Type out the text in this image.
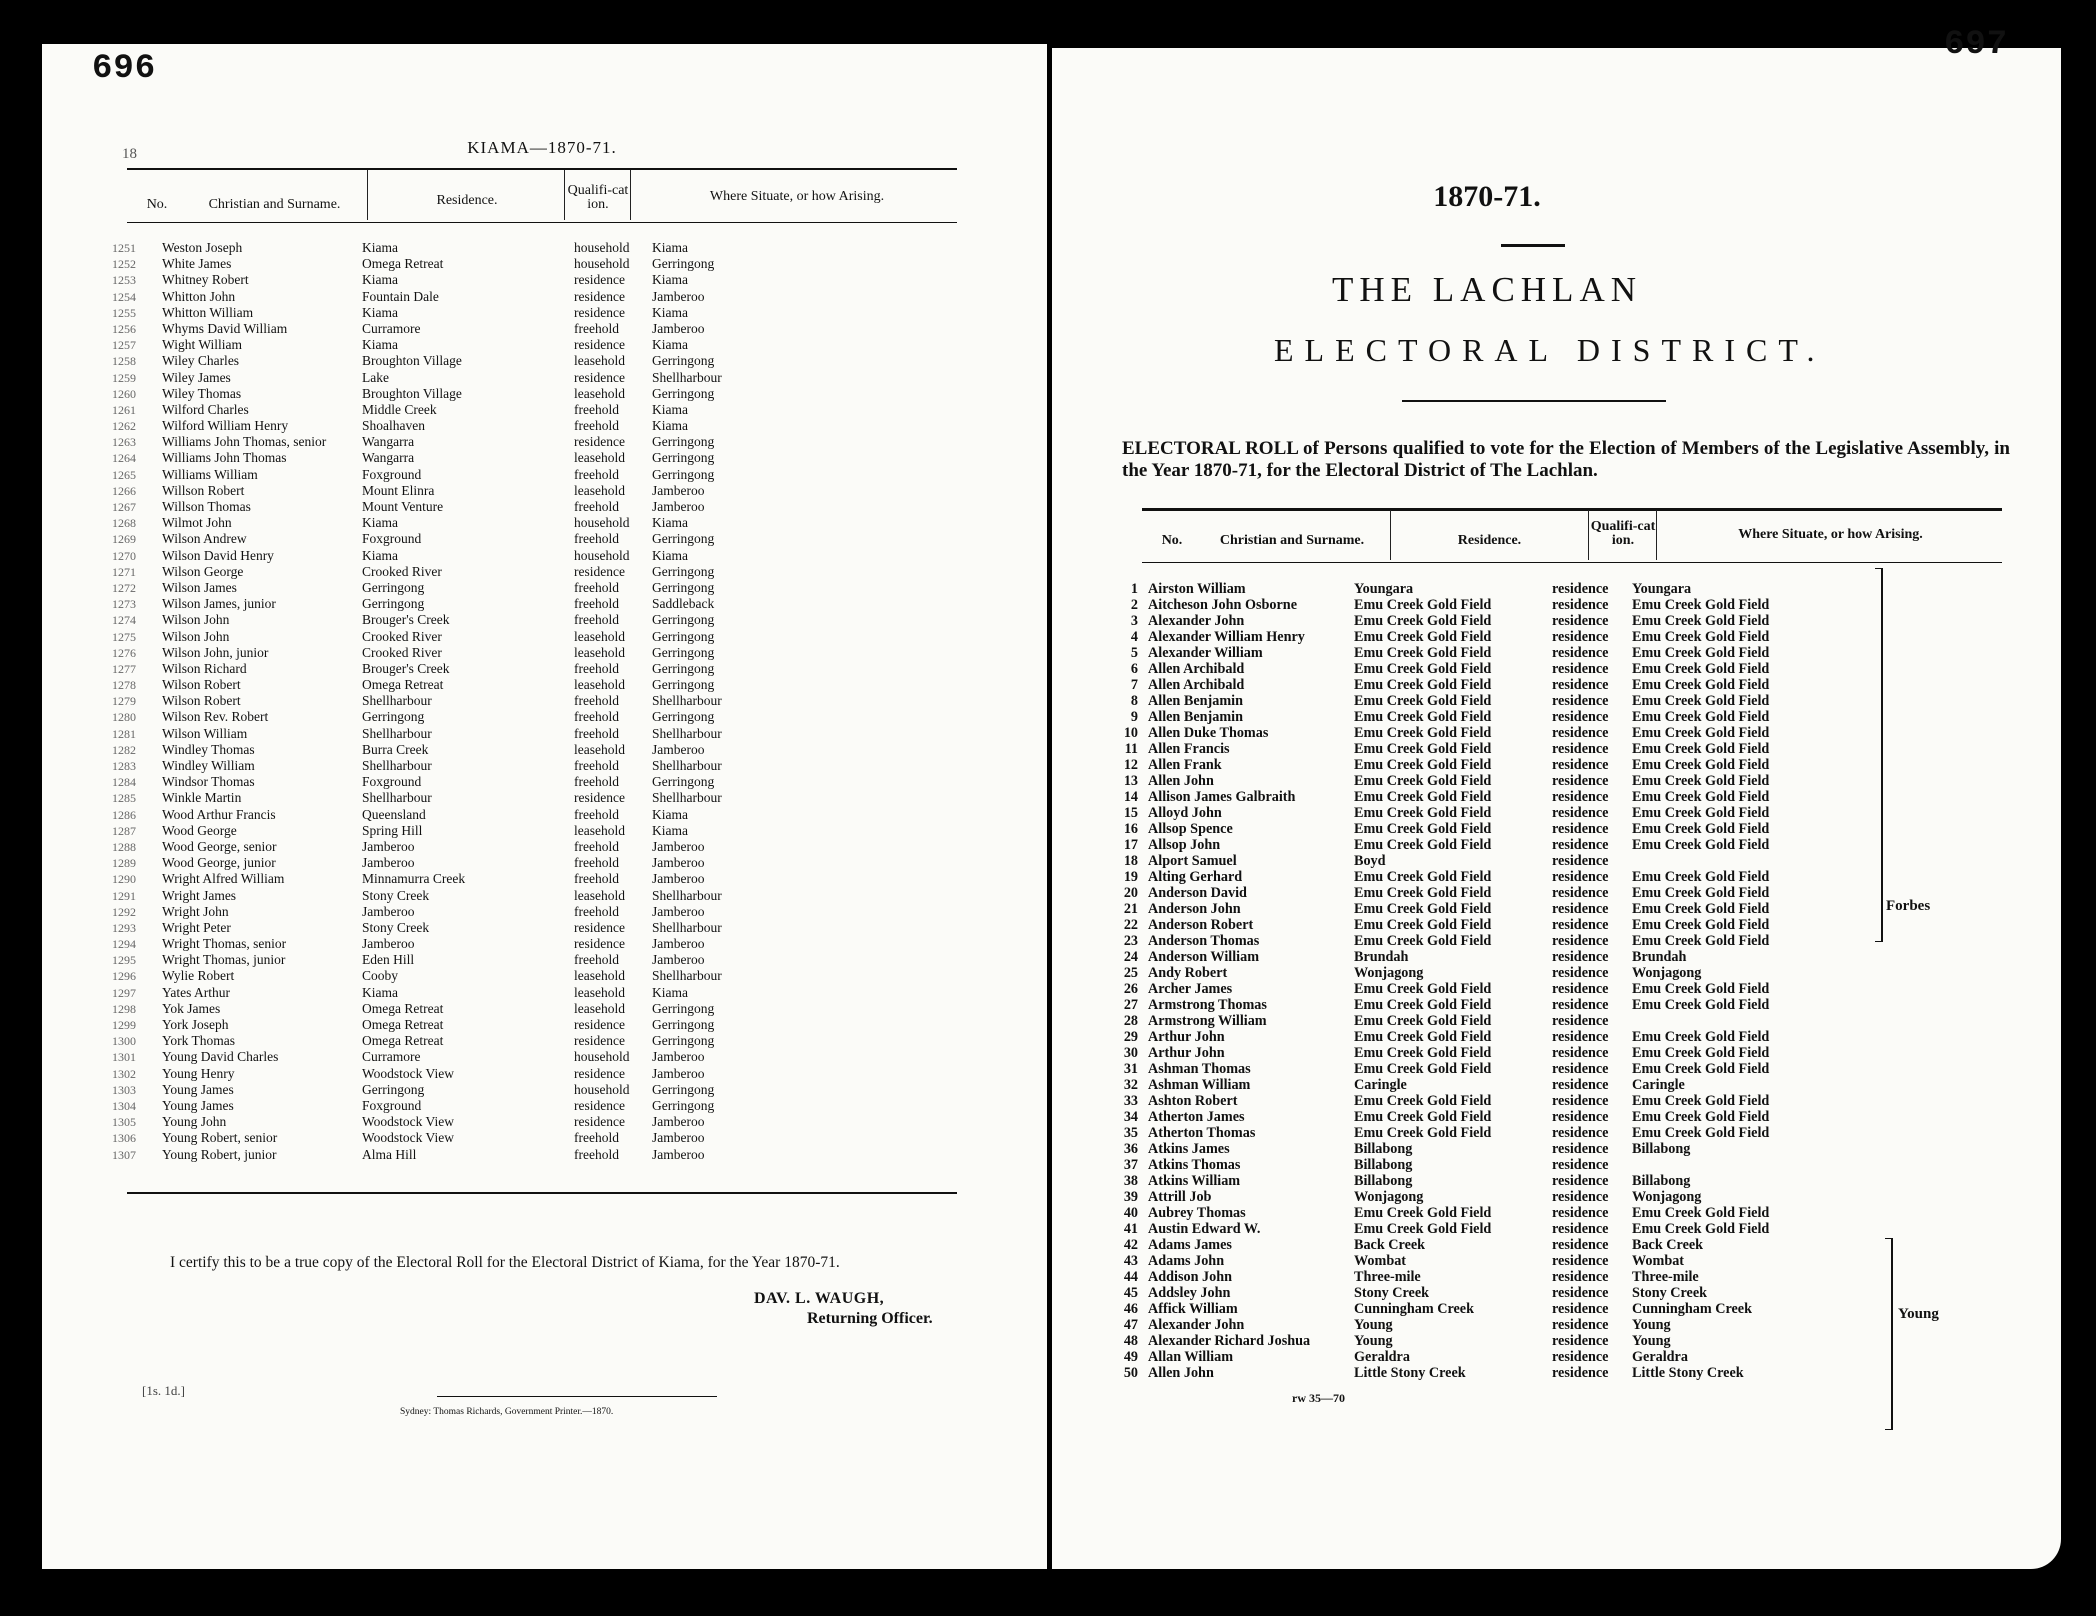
696
18	KIAMA—1870-71.
No.	Christian and Surname.	Residence.
Qualifi-cation.
Where Situate, or how Arising.
1251	Weston Joseph	Kiama	household	Kiama
1252	White James	Omega Retreat	household	Gerringong
1253	Whitney Robert	Kiama	residence	Kiama
1254	Whitton John	Fountain Dale	residence	Jamberoo
1255	Whitton William	Kiama	residence	Kiama
1256	Whyms David William	Curramore	freehold	Jamberoo
1257	Wight William	Kiama	residence	Kiama
1258	Wiley Charles	Broughton Village	leasehold	Gerringong
1259	Wiley James	Lake	residence	Shellharbour
1260	Wiley Thomas	Broughton Village	leasehold	Gerringong
1261	Wilford Charles	Middle Creek	freehold	Kiama
1262	Wilford William Henry	Shoalhaven	freehold	Kiama
1263	Williams John Thomas, senior	Wangarra	residence	Gerringong
1264	Williams John Thomas	Wangarra	leasehold	Gerringong
1265	Williams William	Foxground	freehold	Gerringong
1266	Willson Robert	Mount Elinra	leasehold	Jamberoo
1267	Willson Thomas	Mount Venture	freehold	Jamberoo
1268	Wilmot John	Kiama	household	Kiama
1269	Wilson Andrew	Foxground	freehold	Gerringong
1270	Wilson David Henry	Kiama	household	Kiama
1271	Wilson George	Crooked River	residence	Gerringong
1272	Wilson James	Gerringong	freehold	Gerringong
1273	Wilson James, junior	Gerringong	freehold	Saddleback
1274	Wilson John	Brouger's Creek	freehold	Gerringong
1275	Wilson John	Crooked River	leasehold	Gerringong
1276	Wilson John, junior	Crooked River	leasehold	Gerringong
1277	Wilson Richard	Brouger's Creek	freehold	Gerringong
1278	Wilson Robert	Omega Retreat	leasehold	Gerringong
1279	Wilson Robert	Shellharbour	freehold	Shellharbour
1280	Wilson Rev. Robert	Gerringong	freehold	Gerringong
1281	Wilson William	Shellharbour	freehold	Shellharbour
1282	Windley Thomas	Burra Creek	leasehold	Jamberoo
1283	Windley William	Shellharbour	freehold	Shellharbour
1284	Windsor Thomas	Foxground	freehold	Gerringong
1285	Winkle Martin	Shellharbour	residence	Shellharbour
1286	Wood Arthur Francis	Queensland	freehold	Kiama
1287	Wood George	Spring Hill	leasehold	Kiama
1288	Wood George, senior	Jamberoo	freehold	Jamberoo
1289	Wood George, junior	Jamberoo	freehold	Jamberoo
1290	Wright Alfred William	Minnamurra Creek	freehold	Jamberoo
1291	Wright James	Stony Creek	leasehold	Shellharbour
1292	Wright John	Jamberoo	freehold	Jamberoo
1293	Wright Peter	Stony Creek	residence	Shellharbour
1294	Wright Thomas, senior	Jamberoo	residence	Jamberoo
1295	Wright Thomas, junior	Eden Hill	freehold	Jamberoo
1296	Wylie Robert	Cooby	leasehold	Shellharbour
1297	Yates Arthur	Kiama	leasehold	Kiama
1298	Yok James	Omega Retreat	leasehold	Gerringong
1299	York Joseph	Omega Retreat	residence	Gerringong
1300	York Thomas	Omega Retreat	residence	Gerringong
1301	Young David Charles	Curramore	household	Jamberoo
1302	Young Henry	Woodstock View	residence	Jamberoo
1303	Young James	Gerringong	household	Gerringong
1304	Young James	Foxground	residence	Gerringong
1305	Young John	Woodstock View	residence	Jamberoo
1306	Young Robert, senior	Woodstock View	freehold	Jamberoo
1307	Young Robert, junior	Alma Hill	freehold	Jamberoo
I certify this to be a true copy of the Electoral Roll for the Electoral District of Kiama, for the Year 1870-71.
DAV. L. WAUGH,
Returning Officer.
[1s. 1d.]
Sydney: Thomas Richards, Government Printer.—1870.
697
1870-71.
THE LACHLAN
ELECTORAL DISTRICT.
ELECTORAL ROLL of Persons qualified to vote for the Election of Members of the Legislative Assembly, in the Year 1870-71, for the Electoral District of The Lachlan.
No.	Christian and Surname.	Residence.
Qualifi-cation.	Where Situate, or how Arising.
1 Airston William	Youngara	residence	Youngara
2 Aitcheson John Osborne	Emu Creek Gold Field	residence	Emu Creek Gold Field
3 Alexander John	Emu Creek Gold Field	residence	Emu Creek Gold Field
4 Alexander William Henry	Emu Creek Gold Field	residence	Emu Creek Gold Field
5 Alexander William	Emu Creek Gold Field	residence	Emu Creek Gold Field
6 Allen Archibald	Emu Creek Gold Field	residence	Emu Creek Gold Field
7 Allen Archibald	Emu Creek Gold Field	residence	Emu Creek Gold Field
8 Allen Benjamin	Emu Creek Gold Field	residence	Emu Creek Gold Field
9 Allen Benjamin	Emu Creek Gold Field	residence	Emu Creek Gold Field
10 Allen Duke Thomas	Emu Creek Gold Field	residence	Emu Creek Gold Field
11 Allen Francis	Emu Creek Gold Field	residence	Emu Creek Gold Field
12 Allen Frank	Emu Creek Gold Field	residence	Emu Creek Gold Field
13 Allen John	Emu Creek Gold Field	residence	Emu Creek Gold Field
14 Allison James Galbraith	Emu Creek Gold Field	residence	Emu Creek Gold Field
15 Alloyd John	Emu Creek Gold Field	residence	Emu Creek Gold Field
16 Allsop Spence	Emu Creek Gold Field	residence	Emu Creek Gold Field
17 Allsop John	Emu Creek Gold Field	residence	Emu Creek Gold Field
18 Alport Samuel	Boyd	residence
19 Alting Gerhard	Emu Creek Gold Field	residence	Emu Creek Gold Field
20 Anderson David	Emu Creek Gold Field	residence	Emu Creek Gold Field
21 Anderson John	Emu Creek Gold Field	residence	Emu Creek Gold Field
22 Anderson Robert	Emu Creek Gold Field	residence	Emu Creek Gold Field
23 Anderson Thomas	Emu Creek Gold Field	residence	Emu Creek Gold Field
24 Anderson William	Brundah	residence	Brundah
25 Andy Robert	Wonjagong	residence	Wonjagong
26 Archer James	Emu Creek Gold Field	residence	Emu Creek Gold Field
27 Armstrong Thomas	Emu Creek Gold Field	residence	Emu Creek Gold Field
28 Armstrong William	Emu Creek Gold Field	residence
29 Arthur John	Emu Creek Gold Field	residence	Emu Creek Gold Field
30 Arthur John	Emu Creek Gold Field	residence	Emu Creek Gold Field
31 Ashman Thomas	Emu Creek Gold Field	residence	Emu Creek Gold Field
32 Ashman William	Caringle	residence	Caringle
33 Ashton Robert	Emu Creek Gold Field	residence	Emu Creek Gold Field
34 Atherton James	Emu Creek Gold Field	residence	Emu Creek Gold Field
35 Atherton Thomas	Emu Creek Gold Field	residence	Emu Creek Gold Field
36 Atkins James	Billabong	residence	Billabong
37 Atkins Thomas	Billabong	residence
38 Atkins William	Billabong	residence	Billabong
39 Attrill Job	Wonjagong	residence	Wonjagong
40 Aubrey Thomas	Emu Creek Gold Field	residence	Emu Creek Gold Field
41 Austin Edward W.	Emu Creek Gold Field	residence	Emu Creek Gold Field
42 Adams James	Back Creek	residence	Back Creek
43 Adams John	Wombat	residence	Wombat
44 Addison John	Three-mile	residence	Three-mile
45 Addsley John	Stony Creek	residence	Stony Creek
46 Affick William	Cunningham Creek	residence	Cunningham Creek
47 Alexander John	Young	residence	Young
48 Alexander Richard Joshua	Young	residence	Young
49 Allan William	Geraldra	residence	Geraldra
50 Allen John	Little Stony Creek	residence	Little Stony Creek
Forbes
Young
rw 35—70
